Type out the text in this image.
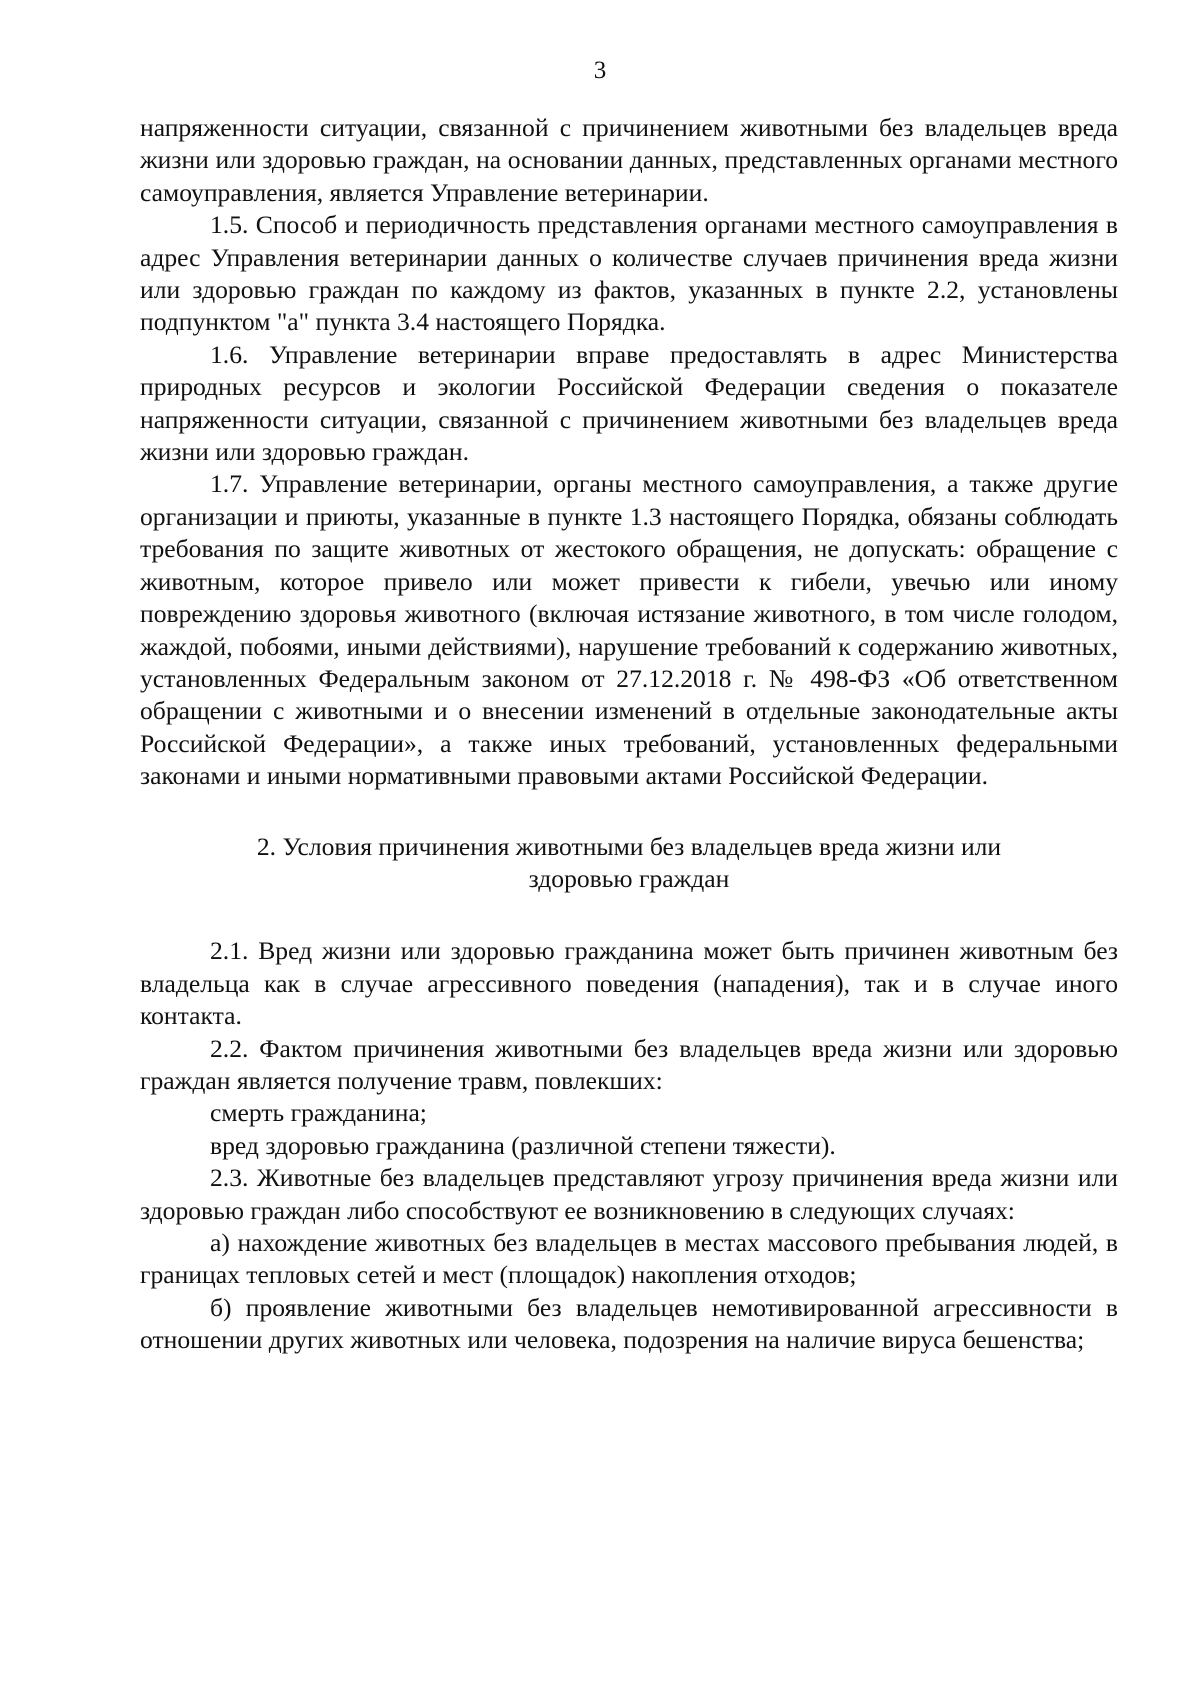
3

напряженности ситуации, связанной с причинением животными без владельцев вреда жизни или здоровью граждан, на основании данных, представленных органами местного самоуправления, является Управление ветеринарии.

1.5. Способ и периодичность представления органами местного самоуправления в адрес Управления ветеринарии данных о количестве случаев причинения вреда жизни или здоровью граждан по каждому из фактов, указанных в пункте 2.2, установлены подпунктом "а" пункта 3.4 настоящего Порядка.

1.6. Управление ветеринарии вправе предоставлять в адрес Министерства природных ресурсов и экологии Российской Федерации сведения о показателе напряженности ситуации, связанной с причинением животными без владельцев вреда жизни или здоровью граждан.

1.7. Управление ветеринарии, органы местного самоуправления, а также другие организации и приюты, указанные в пункте 1.3 настоящего Порядка, обязаны соблюдать требования по защите животных от жестокого обращения, не допускать: обращение с животным, которое привело или может привести к гибели, увечью или иному повреждению здоровья животного (включая истязание животного, в том числе голодом, жаждой, побоями, иными действиями), нарушение требований к содержанию животных, установленных Федеральным законом от 27.12.2018 г. № 498-ФЗ «Об ответственном обращении с животными и о внесении изменений в отдельные законодательные акты Российской Федерации», а также иных требований, установленных федеральными законами и иными нормативными правовыми актами Российской Федерации.

2. Условия причинения животными без владельцев вреда жизни или
здоровью граждан

2.1. Вред жизни или здоровью гражданина может быть причинен животным без владельца как в случае агрессивного поведения (нападения), так и в случае иного контакта.

2.2. Фактом причинения животными без владельцев вреда жизни или здоровью граждан является получение травм, повлекших:

смерть гражданина;

вред здоровью гражданина (различной степени тяжести).

2.3. Животные без владельцев представляют угрозу причинения вреда жизни или здоровью граждан либо способствуют ее возникновению в следующих случаях:

а) нахождение животных без владельцев в местах массового пребывания людей, в границах тепловых сетей и мест (площадок) накопления отходов;

б) проявление животными без владельцев немотивированной агрессивности в отношении других животных или человека, подозрения на наличие вируса бешенства;
